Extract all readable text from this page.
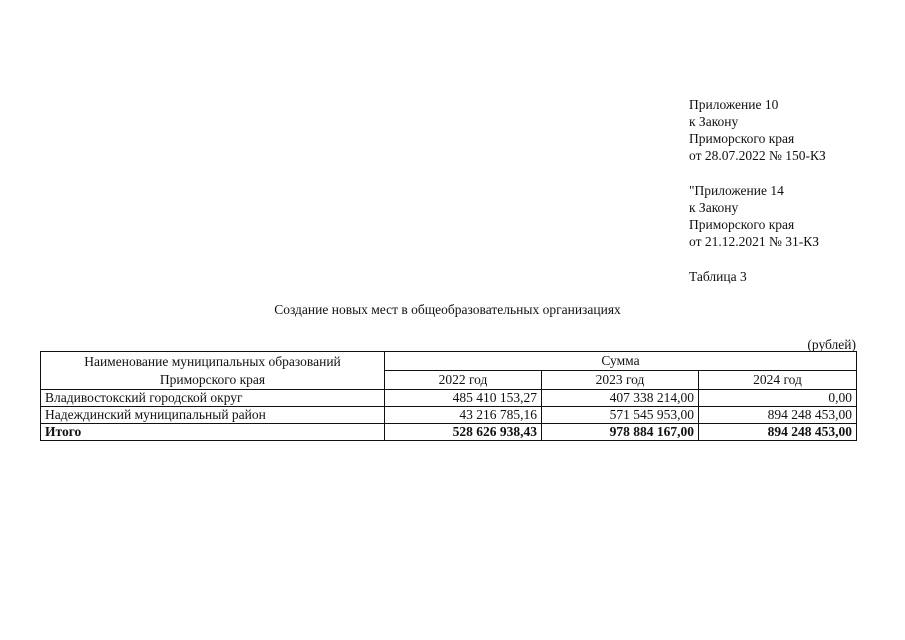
Приложение 10
к Закону
Приморского края
от 28.07.2022 № 150-КЗ
"Приложение 14
к Закону
Приморского края
от 21.12.2021 № 31-КЗ
Таблица 3
Создание новых мест в общеобразовательных организациях
(рублей)
Наименование муниципальных образований
Приморского края	Сумма		
	2022 год	2023 год	2024 год
Владивостокский городской округ	485 410 153,27	407 338 214,00	0,00
Надеждинский муниципальный район	43 216 785,16	571 545 953,00	894 248 453,00
Итого	528 626 938,43	978 884 167,00	894 248 453,00
